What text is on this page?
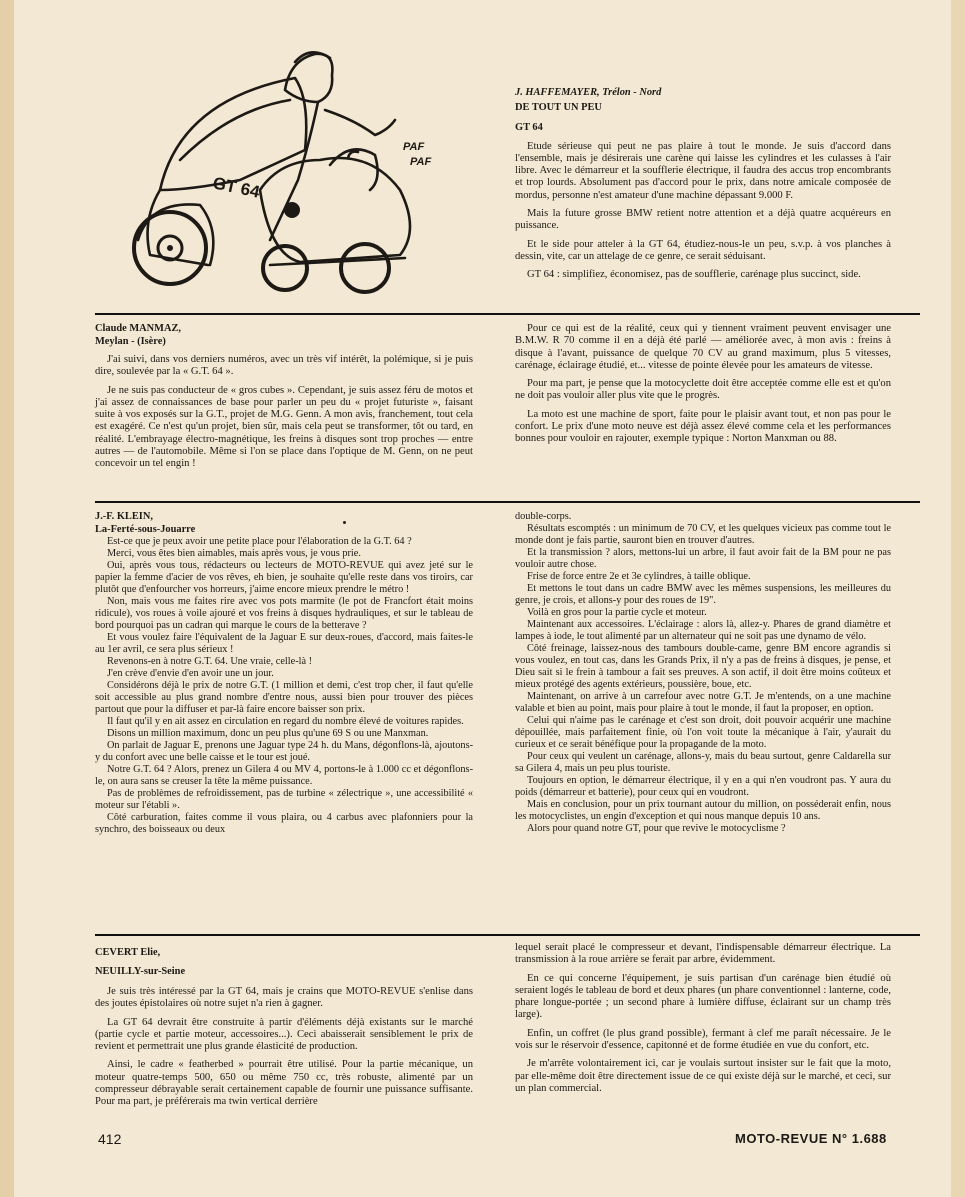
GT 64
PAF
PAF
J. HAFFEMAYER, Trélon - Nord
DE TOUT UN PEU
GT 64

Etude sérieuse qui peut ne pas plaire à tout le monde. Je suis d'accord dans l'ensemble, mais je désirerais une carène qui laisse les cylindres et les culasses à l'air libre. Avec le démarreur et la soufflerie électrique, il faudra des accus trop encombrants et trop lourds. Absolument pas d'accord pour le prix, dans notre amicale composée de mordus, personne n'est amateur d'une machine dépassant 9.000 F.

Mais la future grosse BMW retient notre attention et a déjà quatre acquéreurs en puissance.

Et le side pour atteler à la GT 64, étudiez-nous-le un peu, s.v.p. à vos planches à dessin, vite, car un attelage de ce genre, ce serait séduisant.

GT 64 : simplifiez, économisez, pas de soufflerie, carénage plus succinct, side.

Claude MANMAZ,
Meylan - (Isère)

J'ai suivi, dans vos derniers numéros, avec un très vif intérêt, la polémique, si je puis dire, soulevée par la « G.T. 64 ».

Je ne suis pas conducteur de « gros cubes ». Cependant, je suis assez féru de motos et j'ai assez de connaissances de base pour parler un peu du « projet futuriste », faisant suite à vos exposés sur la G.T., projet de M.G. Genn. A mon avis, franchement, tout cela est exagéré. Ce n'est qu'un projet, bien sûr, mais cela peut se transformer, tôt ou tard, en réalité. L'embrayage électro-magnétique, les freins à disques sont trop proches — entre autres — de l'automobile. Même si l'on se place dans l'optique de M. Genn, on ne peut concevoir un tel engin !

Pour ce qui est de la réalité, ceux qui y tiennent vraiment peuvent envisager une B.M.W. R 70 comme il en a déjà été parlé — améliorée avec, à mon avis : freins à disque à l'avant, puissance de quelque 70 CV au grand maximum, plus 5 vitesses, carénage, éclairage étudié, et... vitesse de pointe élevée pour les amateurs de vitesse.

Pour ma part, je pense que la motocyclette doit être acceptée comme elle est et qu'on ne doit pas vouloir aller plus vite que le progrès.

La moto est une machine de sport, faite pour le plaisir avant tout, et non pas pour le confort. Le prix d'une moto neuve est déjà assez élevé comme cela et les performances bonnes pour vouloir en rajouter, exemple typique : Norton Manxman ou 88.

J.-F. KLEIN,
La-Ferté-sous-Jouarre

Est-ce que je peux avoir une petite place pour l'élaboration de la G.T. 64 ?

Merci, vous êtes bien aimables, mais après vous, je vous prie.

Oui, après vous tous, rédacteurs ou lecteurs de MOTO-REVUE qui avez jeté sur le papier la femme d'acier de vos rêves, eh bien, je souhaite qu'elle reste dans vos tiroirs, car plutôt que d'enfourcher vos horreurs, j'aime encore mieux prendre le métro !

Non, mais vous me faites rire avec vos pots marmite (le pot de Francfort était moins ridicule), vos roues à voile ajouré et vos freins à disques hydrauliques, et sur le tableau de bord pourquoi pas un cadran qui marque le cours de la betterave ?

Et vous voulez faire l'équivalent de la Jaguar E sur deux-roues, d'accord, mais faites-le au 1er avril, ce sera plus sérieux !

Revenons-en à notre G.T. 64. Une vraie, celle-là !

J'en crève d'envie d'en avoir une un jour.

Considérons déjà le prix de notre G.T. (1 million et demi, c'est trop cher, il faut qu'elle soit accessible au plus grand nombre d'entre nous, aussi bien pour trouver des pièces partout que pour la diffuser et par-là faire encore baisser son prix.

Il faut qu'il y en ait assez en circulation en regard du nombre élevé de voitures rapides.

Disons un million maximum, donc un peu plus qu'une 69 S ou une Manxman.

On parlait de Jaguar E, prenons une Jaguar type 24 h. du Mans, dégonflons-là, ajoutons-y du confort avec une belle caisse et le tour est joué.

Notre G.T. 64 ? Alors, prenez un Gilera 4 ou MV 4, portons-le à 1.000 cc et dégonflons-le, on aura sans se creuser la tête la même puissance.

Pas de problèmes de refroidissement, pas de turbine « zélectrique », une accessibilité « moteur sur l'établi ».

Côté carburation, faites comme il vous plaira, ou 4 carbus avec plafonniers pour la synchro, des boisseaux ou deux

double-corps.

Résultats escomptés : un minimum de 70 CV, et les quelques vicieux pas comme tout le monde dont je fais partie, sauront bien en trouver d'autres.

Et la transmission ? alors, mettons-lui un arbre, il faut avoir fait de la BM pour ne pas vouloir autre chose.

Frise de force entre 2e et 3e cylindres, à taille oblique.

Et mettons le tout dans un cadre BMW avec les mêmes suspensions, les meilleures du genre, je crois, et allons-y pour des roues de 19".

Voilà en gros pour la partie cycle et moteur.

Maintenant aux accessoires. L'éclairage : alors là, allez-y. Phares de grand diamètre et lampes à iode, le tout alimenté par un alternateur qui ne soit pas une dynamo de vélo.

Côté freinage, laissez-nous des tambours double-came, genre BM encore agrandis si vous voulez, en tout cas, dans les Grands Prix, il n'y a pas de freins à disques, je pense, et Dieu sait si le frein à tambour a fait ses preuves. A son actif, il doit être moins coûteux et mieux protégé des agents extérieurs, poussière, boue, etc.

Maintenant, on arrive à un carrefour avec notre G.T. Je m'entends, on a une machine valable et bien au point, mais pour plaire à tout le monde, il faut la proposer, en option.

Celui qui n'aime pas le carénage et c'est son droit, doit pouvoir acquérir une machine dépouillée, mais parfaitement finie, où l'on voit toute la mécanique à l'air, y'aurait du curieux et ce serait bénéfique pour la propagande de la moto.

Pour ceux qui veulent un carénage, allons-y, mais du beau surtout, genre Caldarella sur sa Gilera 4, mais un peu plus touriste.

Toujours en option, le démarreur électrique, il y en a qui n'en voudront pas. Y aura du poids (démarreur et batterie), pour ceux qui en voudront.

Mais en conclusion, pour un prix tournant autour du million, on posséderait enfin, nous les motocyclistes, un engin d'exception et qui nous manque depuis 10 ans.

Alors pour quand notre GT, pour que revive le motocyclisme ?

CEVERT Elie,
NEUILLY-sur-Seine

Je suis très intéressé par la GT 64, mais je crains que MOTO-REVUE s'enlise dans des joutes épistolaires où notre sujet n'a rien à gagner.

La GT 64 devrait être construite à partir d'éléments déjà existants sur le marché (partie cycle et partie moteur, accessoires...). Ceci abaisserait sensiblement le prix de revient et permettrait une plus grande élasticité de production.

Ainsi, le cadre « featherbed » pourrait être utilisé. Pour la partie mécanique, un moteur quatre-temps 500, 650 ou même 750 cc, très robuste, alimenté par un compresseur débrayable serait certainement capable de fournir une puissance suffisante. Pour ma part, je préférerais ma twin vertical derrière

lequel serait placé le compresseur et devant, l'indispensable démarreur électrique. La transmission à la roue arrière se ferait par arbre, évidemment.

En ce qui concerne l'équipement, je suis partisan d'un carénage bien étudié où seraient logés le tableau de bord et deux phares (un phare conventionnel : lanterne, code, phare longue-portée ; un second phare à lumière diffuse, éclairant sur un champ très large).

Enfin, un coffret (le plus grand possible), fermant à clef me paraît nécessaire. Je le vois sur le réservoir d'essence, capitonné et de forme étudiée en vue du confort, etc.

Je m'arrête volontairement ici, car je voulais surtout insister sur le fait que la moto, par elle-même doit être directement issue de ce qui existe déjà sur le marché, et ceci, sur un plan commercial.

412	MOTO-REVUE N° 1.688
